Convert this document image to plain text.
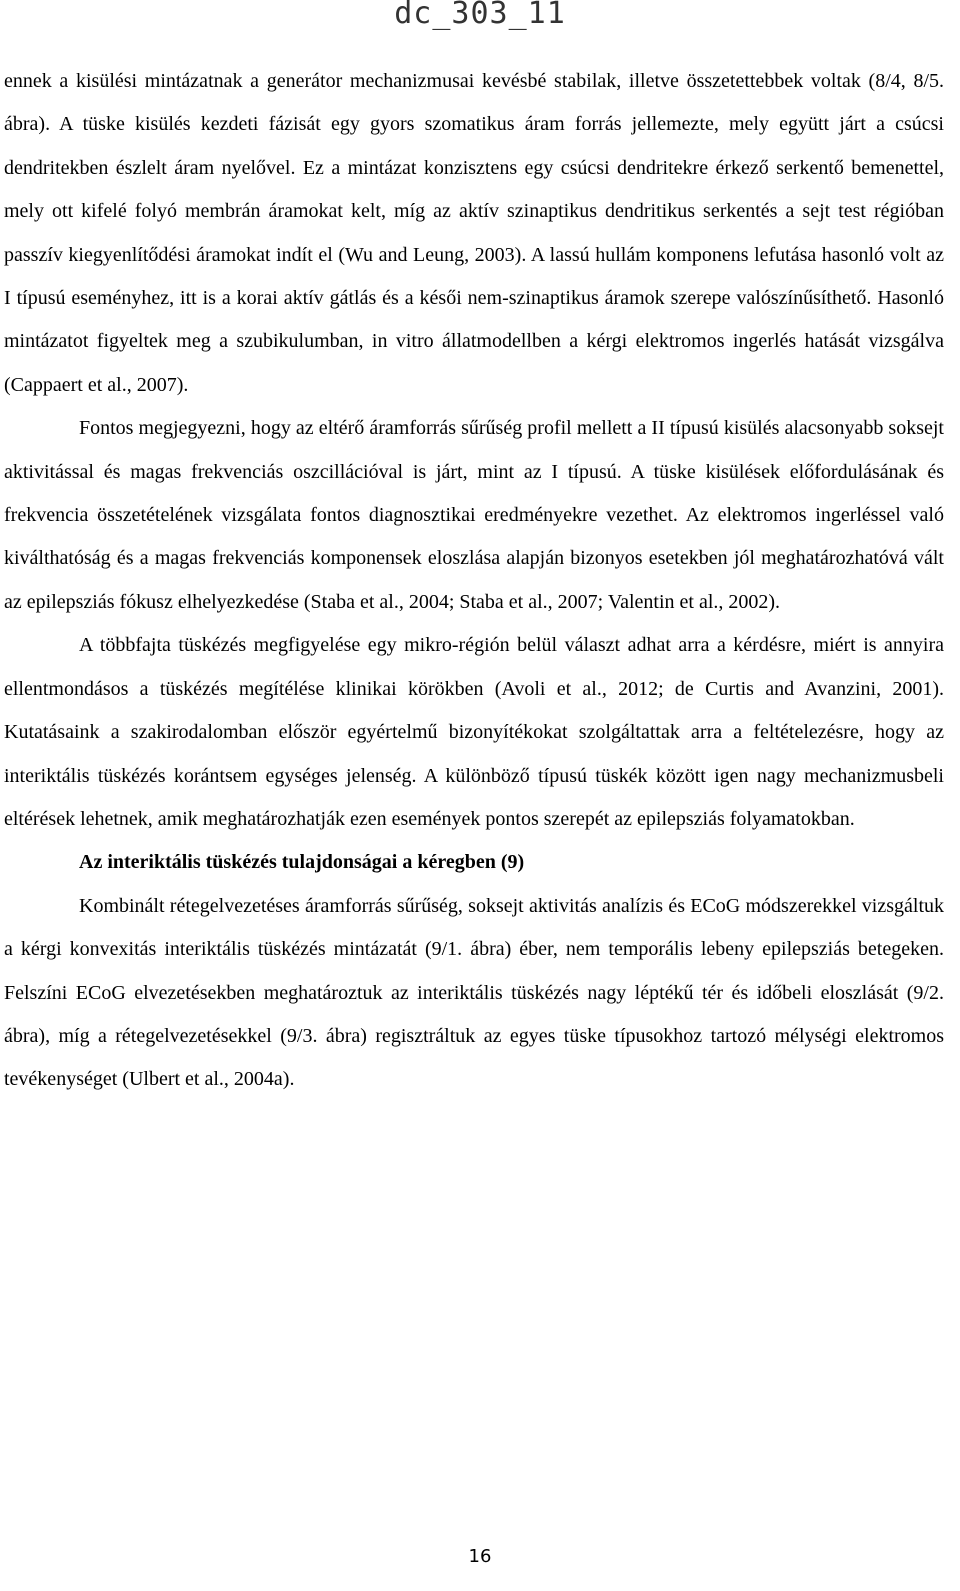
dc_303_11

ennek a kisülési mintázatnak a generátor mechanizmusai kevésbé stabilak, illetve összetettebbek voltak (8/4, 8/5. ábra). A tüske kisülés kezdeti fázisát egy gyors szomatikus áram forrás jellemezte, mely együtt járt a csúcsi dendritekben észlelt áram nyelővel. Ez a mintázat konzisztens egy csúcsi dendritekre érkező serkentő bemenettel, mely ott kifelé folyó membrán áramokat kelt, míg az aktív szinaptikus dendritikus serkentés a sejt test régióban passzív kiegyenlítődési áramokat indít el (Wu and Leung, 2003). A lassú hullám komponens lefutása hasonló volt az I típusú eseményhez, itt is a korai aktív gátlás és a késői nem-szinaptikus áramok szerepe valószínűsíthető. Hasonló mintázatot figyeltek meg a szubikulumban, in vitro állatmodellben a kérgi elektromos ingerlés hatását vizsgálva (Cappaert et al., 2007).

Fontos megjegyezni, hogy az eltérő áramforrás sűrűség profil mellett a II típusú kisülés alacsonyabb soksejt aktivitással és magas frekvenciás oszcillációval is járt, mint az I típusú. A tüske kisülések előfordulásának és frekvencia összetételének vizsgálata fontos diagnosztikai eredményekre vezethet. Az elektromos ingerléssel való kiválthatóság és a magas frekvenciás komponensek eloszlása alapján bizonyos esetekben jól meghatározhatóvá vált az epilepsziás fókusz elhelyezkedése (Staba et al., 2004; Staba et al., 2007; Valentin et al., 2002).

A többfajta tüskézés megfigyelése egy mikro-régión belül választ adhat arra a kérdésre, miért is annyira ellentmondásos a tüskézés megítélése klinikai körökben (Avoli et al., 2012; de Curtis and Avanzini, 2001). Kutatásaink a szakirodalomban először egyértelmű bizonyítékokat szolgáltattak arra a feltételezésre, hogy az interiktális tüskézés korántsem egységes jelenség. A különböző típusú tüskék között igen nagy mechanizmusbeli eltérések lehetnek, amik meghatározhatják ezen események pontos szerepét az epilepsziás folyamatokban.

Az interiktális tüskézés tulajdonságai a kéregben (9)

Kombinált rétegelvezetéses áramforrás sűrűség, soksejt aktivitás analízis és ECoG módszerekkel vizsgáltuk a kérgi konvexitás interiktális tüskézés mintázatát (9/1. ábra) éber, nem temporális lebeny epilepsziás betegeken. Felszíni ECoG elvezetésekben meghatároztuk az interiktális tüskézés nagy léptékű tér és időbeli eloszlását (9/2. ábra), míg a rétegelvezetésekkel (9/3. ábra) regisztráltuk az egyes tüske típusokhoz tartozó mélységi elektromos tevékenységet (Ulbert et al., 2004a).

16
